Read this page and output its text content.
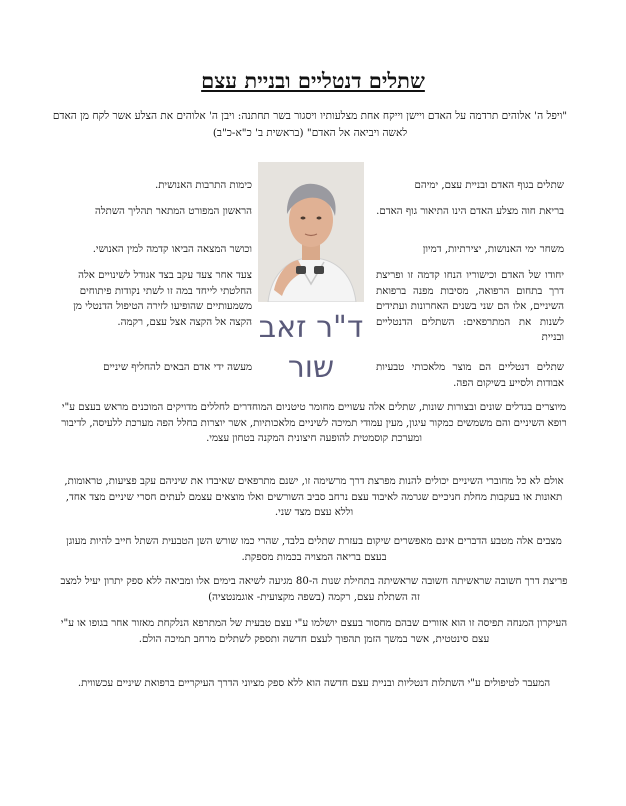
שתלים דנטליים ובניית עצם
"ויפל ה' אלוהים תרדמה על האדם ויישן וייקח אחת מצלעותיו ויסגור בשר תחתנה: ויבן ה' אלוהים את הצלע אשר לקח מן האדם לאשה ויביאה אל האדם" (בראשית ב' כ"א-כ"ב)
שתלים בגוף האדם ובניית עצם, ימיהם
בריאת חוה מצלע האדם הינו התיאור גוף האדם.
משחר ימי האנושות, יצירתיות, דמיון
יחודו של האדם וכישוריו הנחו קדמה זו ופריצת דרך בתחום הרפואה, מסיבות מפנה ברפואת השיניים, אלו הם שני בשנים האחרונות ועתידים לשנות את המתרפאים: השתלים הדנטליים ובניית
שתלים דנטליים הם מוצר מלאכותי טבעיות אבודות ולסייע בשיקום הפה.
כימות התרבות האנושית.
הראשון המפורט המתאר תהליך השתלה
וכושר המצאה הביאו קדמה למין האנושי.
צעד אחר צעד עקב בצד אגודל לשינויים אלה החלטתי לייחד במה זו לשתי נקודות פיתוחים משמעותיים שהופיעו לזירה הטיפול הדנטלי מן הקצה אל הקצה אצל עצם, רקמה.
מעשה ידי אדם הבאים להחליף שיניים
ד"ר זאב
שור
מיוצרים בגדלים שונים ובצורות שונות, שתלים אלה עשויים מחומר טיטניום המוחדרים לחללים מדויקים המוכנים מראש בעצם ע"י רופא השיניים והם משמשים כמקור עיגון, מעין עמודי תמיכה לשיניים מלאכותיות, אשר יוצרות בחלל הפה מערכת ללעיסה, לדיבור ומערכת קוסמטית להופעה חיצונית המקנה בטחון עצמי.
אולם לא כל מחוברי השיניים יכולים להנות מפרצת דרך מרשימה זו, ישנם מתרפאים שאיבדו את שיניהם עקב פציעות, טראומות, תאונות או בעקבות מחלת חניכיים שגרמה לאיבוד עצם נרחב סביב השורשים ואלו מוצאים עצמם לעתים חסרי שיניים מצד אחד, וללא עצם מצד שני.
מצבים אלה מטבע הדברים אינם מאפשרים שיקום בעזרת שתלים בלבד, שהרי כמו שורש השן הטבעית השתל חייב להיות מעוגן בעצם בריאה המצויה בכמות מספקת.
פריצת דרך חשובה שראשיתה חשובה שראשיתה בתחילת שנות ה-80 מגיעה לשיאה בימים אלו ומביאה ללא ספק יתרון יעיל למצב זה השתלת עצם, רקמה (בשפה מקצועית- אוגמנטציה)
העיקרון המנחה תפיסה זו הוא אזורים שבהם מחסור בעצם יושלמו ע"י עצם טבעית של המתרפא הנלקחת מאזור אחר בגופו או ע"י עצם סינטטית, אשר במשך הזמן תהפוך לעצם חדשה ותספק לשתלים מרחב תמיכה הולם.
המעבר לטיפולים ע"י השתלות דנטליות ובניית עצם חדשה הוא ללא ספק מציוני הדרך העיקריים ברפואת שיניים עכשווית.
